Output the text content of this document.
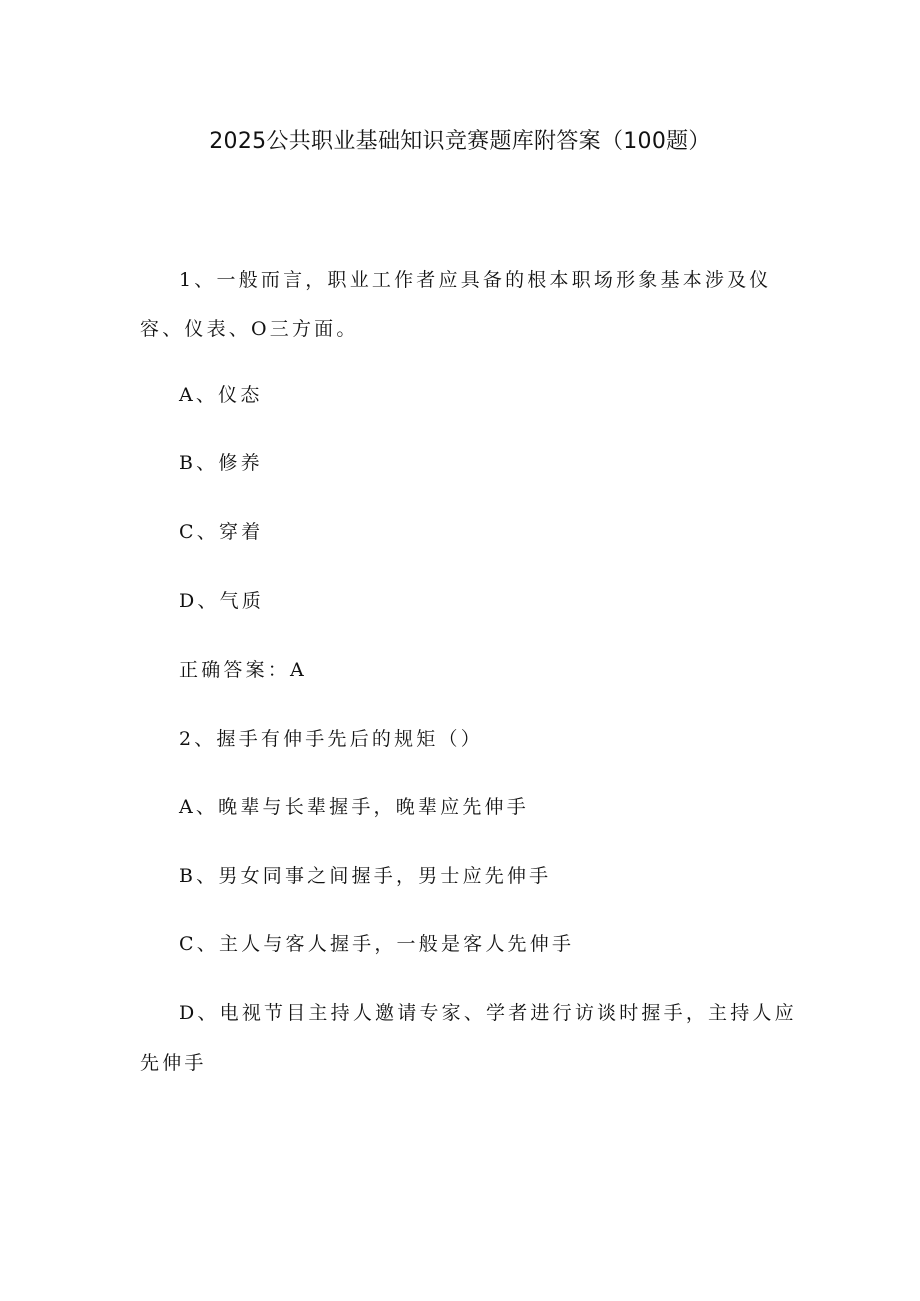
2025公共职业基础知识竞赛题库附答案（100题）
1、一般而言，职业工作者应具备的根本职场形象基本涉及仪
容、仪表、O三方面。
A、仪态
B、修养
C、穿着
D、气质
正确答案：A
2、握手有伸手先后的规矩（）
A、晚辈与长辈握手，晚辈应先伸手
B、男女同事之间握手，男士应先伸手
C、主人与客人握手，一般是客人先伸手
D、电视节目主持人邀请专家、学者进行访谈时握手，主持人应
先伸手
